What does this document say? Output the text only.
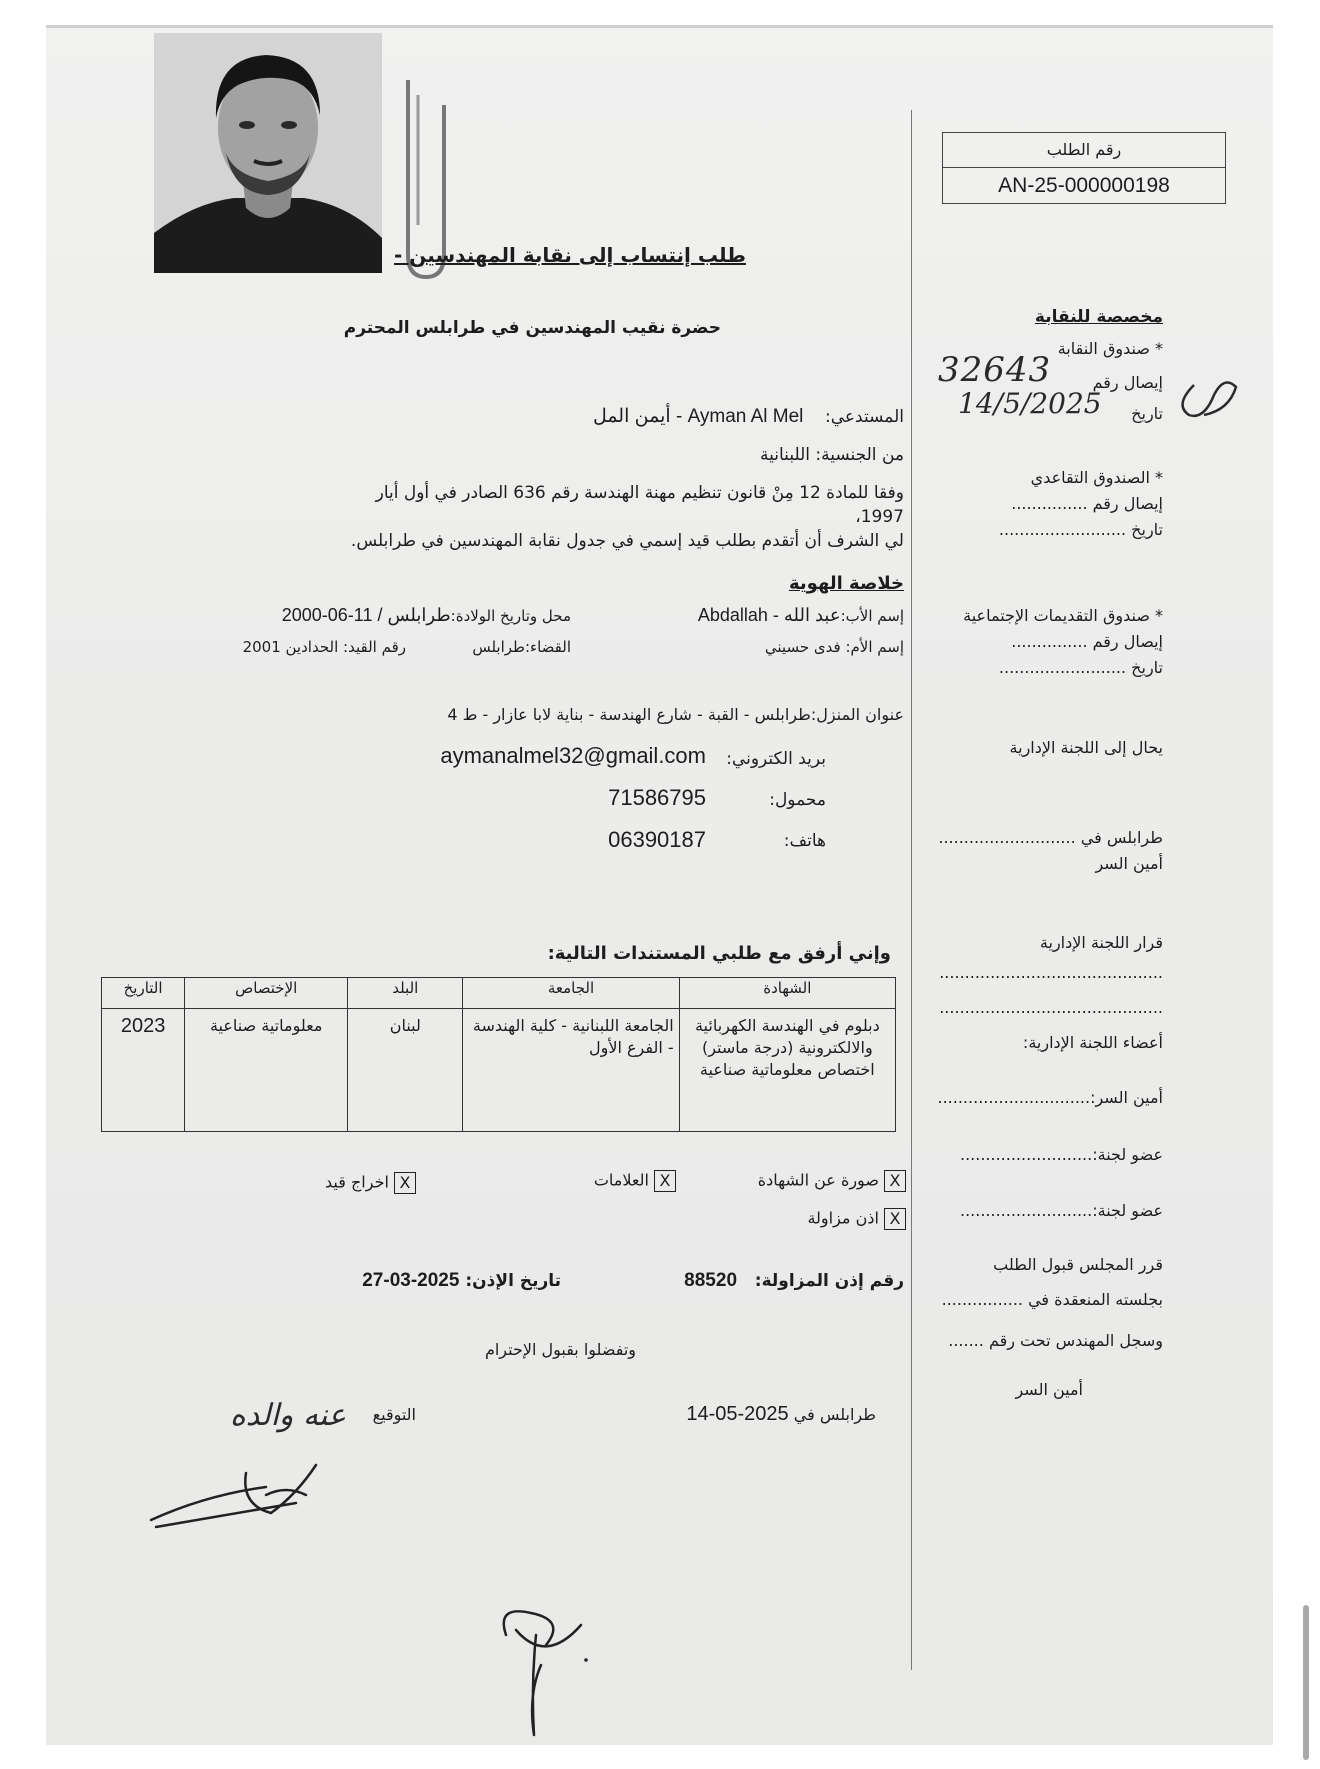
طلب إنتساب إلى نقابة المهندسين -
حضرة نقيب المهندسين في طرابلس المحترم
المستدعي:    Ayman Al Mel - أيمن المل
من الجنسية: اللبنانية
وفقا للمادة 12 مِنْ قانون تنظيم مهنة الهندسة رقم 636 الصادر في أول أيار 1997،
لي الشرف أن أتقدم بطلب قيد إسمي في جدول نقابة المهندسين في طرابلس.
خلاصة الهوية
إسم الأب:عبد الله - Abdallah
محل وتاريخ الولادة:طرابلس / 11-06-2000
إسم الأم: فدى حسيني
القضاء:طرابلس
رقم القيد: الحدادين 2001
عنوان المنزل:طرابلس - القبة - شارع الهندسة - بناية لابا عازار - ط 4
بريد الكتروني:
aymanalmel32@gmail.com
محمول:
71586795
هاتف:
06390187
وإني أرفق مع طلبي المستندات التالية:
الشهادة	الجامعة	البلد	الإختصاص	التاريخ
دبلوم في الهندسة الكهربائية والالكترونية (درجة ماستر) اختصاص معلوماتية صناعية	الجامعة اللبنانية - كلية الهندسة - الفرع الأول	لبنان	معلوماتية صناعية	2023
X صورة عن الشهادة
X العلامات
X اخراج قيد
X اذن مزاولة
رقم إذن المزاولة:   88520
تاريخ الإذن: 2025-03-27
وتفضلوا بقبول الإحترام
طرابلس في 2025-05-14
التوقيع
عنه والده
رقم الطلب
AN-25-000000198
مخصصة للنقابة
* صندوق النقابة
إيصال رقم
32643
تاريخ
14/5/2025
* الصندوق التقاعدي
إيصال رقم ...............
تاريخ .........................
* صندوق التقديمات الإجتماعية
إيصال رقم ...............
تاريخ .........................
يحال إلى اللجنة الإدارية
طرابلس في ...........................
أمين السر
قرار اللجنة الإدارية
............................................
............................................
أعضاء اللجنة الإدارية:
أمين السر:..............................
عضو لجنة:..........................
عضو لجنة:..........................
قرر المجلس قبول الطلب
بجلسته المنعقدة في ................
وسجل المهندس تحت رقم .......
أمين السر
